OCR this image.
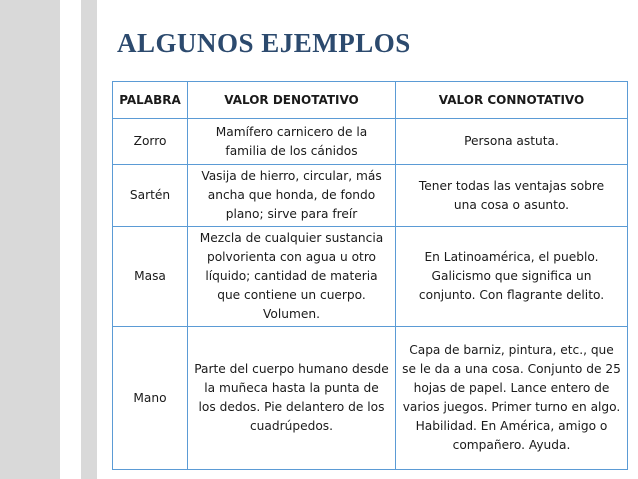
ALGUNOS EJEMPLOS
PALABRA	VALOR DENOTATIVO	VALOR CONNOTATIVO
Zorro	Mamífero carnicero de la familia de los cánidos	Persona astuta.
Sartén	Vasija de hierro, circular, más ancha que honda, de fondo plano; sirve para freír	Tener todas las ventajas sobre una cosa o asunto.
Masa	Mezcla de cualquier sustancia polvorienta con agua u otro líquido; cantidad de materia que contiene un cuerpo. Volumen.	En Latinoamérica, el pueblo. Galicismo que significa un conjunto. Con flagrante delito.
Mano	Parte del cuerpo humano desde la muñeca hasta la punta de los dedos. Pie delantero de los cuadrúpedos.	Capa de barniz, pintura, etc., que se le da a una cosa. Conjunto de 25 hojas de papel. Lance entero de varios juegos. Primer turno en algo. Habilidad. En América, amigo o compañero. Ayuda.
